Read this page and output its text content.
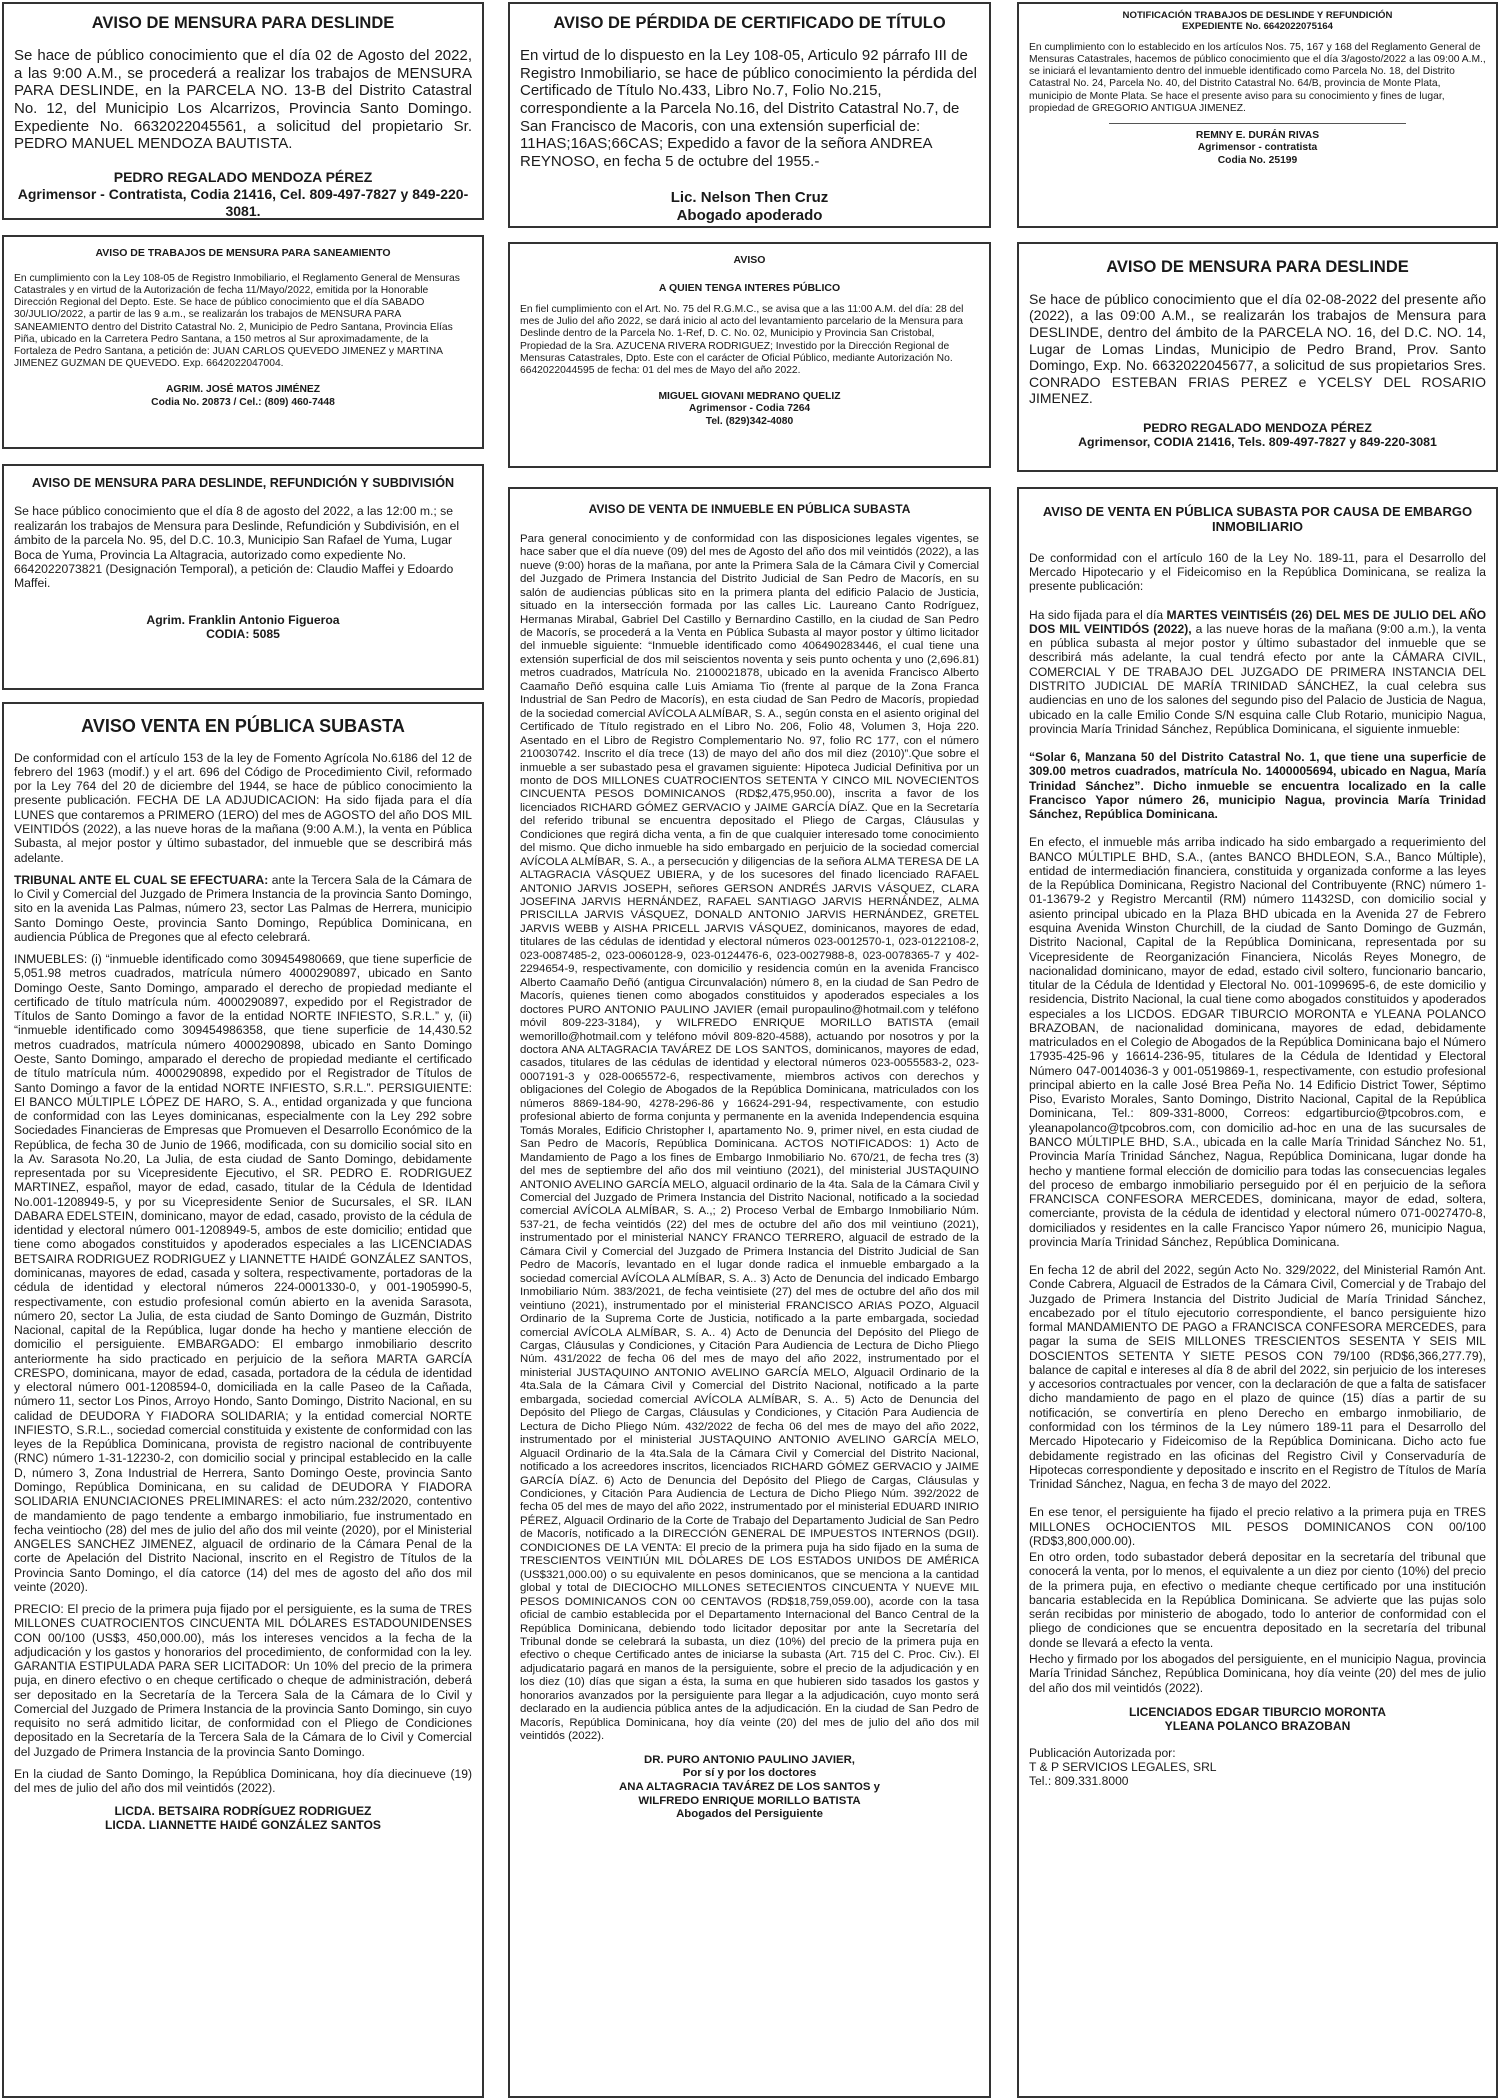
AVISO DE MENSURA PARA DESLINDE

Se hace de público conocimiento que el día 02 de Agosto del 2022, a las 9:00 A.M., se procederá a realizar los trabajos de MENSURA PARA DESLINDE, en la PARCELA NO. 13-B del Distrito Catastral No. 12, del Municipio Los Alcarrizos, Provincia Santo Domingo. Expediente No. 6632022045561, a solicitud del propietario Sr. PEDRO MANUEL MENDOZA BAUTISTA.

PEDRO REGALADO MENDOZA PÉREZ
Agrimensor - Contratista, Codia 21416, Cel. 809-497-7827 y 849-220-3081.
AVISO DE TRABAJOS DE MENSURA PARA SANEAMIENTO

En cumplimiento con la Ley 108-05 de Registro Inmobiliario, el Reglamento General de Mensuras Catastrales y en virtud de la Autorización de fecha 11/Mayo/2022, emitida por la Honorable Dirección Regional del Depto. Este. Se hace de público conocimiento que el día SABADO 30/JULIO/2022, a partir de las 9 a.m., se realizarán los trabajos de MENSURA PARA SANEAMIENTO dentro del Distrito Catastral No. 2, Municipio de Pedro Santana, Provincia Elías Piña, ubicado en la Carretera Pedro Santana, a 150 metros al Sur aproximadamente, de la Fortaleza de Pedro Santana, a petición de: JUAN CARLOS QUEVEDO JIMENEZ y MARTINA JIMENEZ GUZMAN DE QUEVEDO. Exp. 6642022047004.

AGRIM. JOSÉ MATOS JIMÉNEZ
Codia No. 20873 / Cel.: (809) 460-7448
AVISO DE MENSURA PARA DESLINDE, REFUNDICIÓN Y SUBDIVISIÓN

Se hace público conocimiento que el día 8 de agosto del 2022, a las 12:00 m.; se realizarán los trabajos de Mensura para Deslinde, Refundición y Subdivisión, en el ámbito de la parcela No. 95, del D.C. 10.3, Municipio San Rafael de Yuma, Lugar Boca de Yuma, Provincia La Altagracia, autorizado como expediente No. 6642022073821 (Designación Temporal), a petición de: Claudio Maffei y Edoardo Maffei.

Agrim. Franklin Antonio Figueroa
CODIA: 5085
AVISO VENTA EN PÚBLICA SUBASTA

De conformidad con el artículo 153 de la ley de Fomento Agrícola No.6186 del 12 de febrero del 1963 (modif.) y el art. 696 del Código de Procedimiento Civil, reformado por la Ley 764 del 20 de diciembre del 1944, se hace de público conocimiento la presente publicación. FECHA DE LA ADJUDICACION: Ha sido fijada para el día LUNES que contaremos a PRIMERO (1ERO) del mes de AGOSTO del año DOS MIL VEINTIDÓS (2022), a las nueve horas de la mañana (9:00 A.M.), la venta en Pública Subasta, al mejor postor y último subastador, del inmueble que se describirá más adelante.

TRIBUNAL ANTE EL CUAL SE EFECTUARA: ante la Tercera Sala de la Cámara de lo Civil y Comercial del Juzgado de Primera Instancia de la provincia Santo Domingo, sito en la avenida Las Palmas, número 23, sector Las Palmas de Herrera, municipio Santo Domingo Oeste, provincia Santo Domingo, República Dominicana, en audiencia Pública de Pregones que al efecto celebrará.

INMUEBLES: (i) “inmueble identificado como 309454980669, que tiene superficie de 5,051.98 metros cuadrados, matrícula número 4000290897, ubicado en Santo Domingo Oeste, Santo Domingo, amparado el derecho de propiedad mediante el certificado de título matrícula núm. 4000290897, expedido por el Registrador de Títulos de Santo Domingo a favor de la entidad NORTE INFIESTO, S.R.L.” y, (ii) “inmueble identificado como 309454986358, que tiene superficie de 14,430.52 metros cuadrados, matrícula número 4000290898, ubicado en Santo Domingo Oeste, Santo Domingo, amparado el derecho de propiedad mediante el certificado de título matrícula núm. 4000290898, expedido por el Registrador de Títulos de Santo Domingo a favor de la entidad NORTE INFIESTO, S.R.L.”. PERSIGUIENTE: El BANCO MÚLTIPLE LÓPEZ DE HARO, S. A., entidad organizada y que funciona de conformidad con las Leyes dominicanas, especialmente con la Ley 292 sobre Sociedades Financieras de Empresas que Promueven el Desarrollo Económico de la República, de fecha 30 de Junio de 1966, modificada, con su domicilio social sito en la Av. Sarasota No.20, La Julia, de esta ciudad de Santo Domingo, debidamente representada por su Vicepresidente Ejecutivo, el SR. PEDRO E. RODRIGUEZ MARTINEZ, español, mayor de edad, casado, titular de la Cédula de Identidad No.001-1208949-5, y por su Vicepresidente Senior de Sucursales, el SR. ILAN DABARA EDELSTEIN, dominicano, mayor de edad, casado, provisto de la cédula de identidad y electoral número 001-1208949-5, ambos de este domicilio; entidad que tiene como abogados constituidos y apoderados especiales a las LICENCIADAS BETSAIRA RODRIGUEZ RODRIGUEZ y LIANNETTE HAIDÉ GONZÁLEZ SANTOS, dominicanas, mayores de edad, casada y soltera, respectivamente, portadoras de la cédula de identidad y electoral números 224-0001330-0, y 001-1905990-5, respectivamente, con estudio profesional común abierto en la avenida Sarasota, número 20, sector La Julia, de esta ciudad de Santo Domingo de Guzmán, Distrito Nacional, capital de la República, lugar donde ha hecho y mantiene elección de domicilio el persiguiente. EMBARGADO: El embargo inmobiliario descrito anteriormente ha sido practicado en perjuicio de la señora MARTA GARCÍA CRESPO, dominicana, mayor de edad, casada, portadora de la cédula de identidad y electoral número 001-1208594-0, domiciliada en la calle Paseo de la Cañada, número 11, sector Los Pinos, Arroyo Hondo, Santo Domingo, Distrito Nacional, en su calidad de DEUDORA Y FIADORA SOLIDARIA; y la entidad comercial NORTE INFIESTO, S.R.L., sociedad comercial constituida y existente de conformidad con las leyes de la República Dominicana, provista de registro nacional de contribuyente (RNC) número 1-31-12230-2, con domicilio social y principal establecido en la calle D, número 3, Zona Industrial de Herrera, Santo Domingo Oeste, provincia Santo Domingo, República Dominicana, en su calidad de DEUDORA Y FIADORA SOLIDARIA ENUNCIACIONES PRELIMINARES: el acto núm.232/2020, contentivo de mandamiento de pago tendente a embargo inmobiliario, fue instrumentado en fecha veintiocho (28) del mes de julio del año dos mil veinte (2020), por el Ministerial ANGELES SANCHEZ JIMENEZ, alguacil de ordinario de la Cámara Penal de la corte de Apelación del Distrito Nacional, inscrito en el Registro de Títulos de la Provincia Santo Domingo, el día catorce (14) del mes de agosto del año dos mil veinte (2020).

PRECIO: El precio de la primera puja fijado por el persiguiente, es la suma de TRES MILLONES CUATROCIENTOS CINCUENTA MIL DÓLARES ESTADOUNIDENSES CON 00/100 (US$3, 450,000.00), más los intereses vencidos a la fecha de la adjudicación y los gastos y honorarios del procedimiento, de conformidad con la ley. GARANTIA ESTIPULADA PARA SER LICITADOR: Un 10% del precio de la primera puja, en dinero efectivo o en cheque certificado o cheque de administración, deberá ser depositado en la Secretaría de la Tercera Sala de la Cámara de lo Civil y Comercial del Juzgado de Primera Instancia de la provincia Santo Domingo, sin cuyo requisito no será admitido licitar, de conformidad con el Pliego de Condiciones depositado en la Secretaría de la Tercera Sala de la Cámara de lo Civil y Comercial del Juzgado de Primera Instancia de la provincia Santo Domingo.

En la ciudad de Santo Domingo, la República Dominicana, hoy día diecinueve (19) del mes de julio del año dos mil veintidós (2022).

LICDA. BETSAIRA RODRÍGUEZ RODRIGUEZ
LICDA. LIANNETTE HAIDÉ GONZÁLEZ SANTOS
AVISO DE PÉRDIDA DE CERTIFICADO DE TÍTULO

En virtud de lo dispuesto en la Ley 108-05, Articulo 92 párrafo III de Registro Inmobiliario, se hace de público conocimiento la pérdida del Certificado de Título No.433, Libro No.7, Folio No.215, correspondiente a la Parcela No.16, del Distrito Catastral No.7, de San Francisco de Macoris, con una extensión superficial de: 11HAS;16AS;66CAS; Expedido a favor de la señora ANDREA REYNOSO, en fecha 5 de octubre del 1955.-

Lic. Nelson Then Cruz
Abogado apoderado
AVISO
A QUIEN TENGA INTERES PÚBLICO

En fiel cumplimiento con el Art. No. 75 del R.G.M.C., se avisa que a las 11:00 A.M. del día: 28 del mes de Julio del año 2022, se dará inicio al acto del levantamiento parcelario de la Mensura para Deslinde dentro de la Parcela No. 1-Ref, D. C. No. 02, Municipio y Provincia San Cristobal, Propiedad de la Sra. AZUCENA RIVERA RODRIGUEZ; Investido por la Dirección Regional de Mensuras Catastrales, Dpto. Este con el carácter de Oficial Público, mediante Autorización No. 6642022044595 de fecha: 01 del mes de Mayo del año 2022.

MIGUEL GIOVANI MEDRANO QUELIZ
Agrimensor - Codia 7264
Tel. (829)342-4080
AVISO DE VENTA DE INMUEBLE EN PÚBLICA SUBASTA

Para general conocimiento y de conformidad con las disposiciones legales vigentes, se hace saber que el día nueve (09) del mes de Agosto del año dos mil veintidós (2022), a las nueve (9:00) horas de la mañana, por ante la Primera Sala de la Cámara Civil y Comercial del Juzgado de Primera Instancia del Distrito Judicial de San Pedro de Macorís, en su salón de audiencias públicas sito en la primera planta del edificio Palacio de Justicia, situado en la intersección formada por las calles Lic. Laureano Canto Rodríguez, Hermanas Mirabal, Gabriel Del Castillo y Bernardino Castillo, en la ciudad de San Pedro de Macorís, se procederá a la Venta en Pública Subasta al mayor postor y último licitador del inmueble siguiente: “Inmueble identificado como 406490283446, el cual tiene una extensión superficial de dos mil seiscientos noventa y seis punto ochenta y uno (2,696.81) metros cuadrados, Matrícula No. 2100021878, ubicado en la avenida Francisco Alberto Caamaño Deñó esquina calle Luis Amiama Tio (frente al parque de la Zona Franca Industrial de San Pedro de Macorís), en esta ciudad de San Pedro de Macorís, propiedad de la sociedad comercial AVÍCOLA ALMÍBAR, S. A., según consta en el asiento original del Certificado de Título registrado en el Libro No. 206, Folio 48, Volumen 3, Hoja 220. Asentado en el Libro de Registro Complementario No. 97, folio RC 177, con el número 210030742. Inscrito el día trece (13) de mayo del año dos mil diez (2010)”.Que sobre el inmueble a ser subastado pesa el gravamen siguiente: Hipoteca Judicial Definitiva por un monto de DOS MILLONES CUATROCIENTOS SETENTA Y CINCO MIL NOVECIENTOS CINCUENTA PESOS DOMINICANOS (RD$2,475,950.00), inscrita a favor de los licenciados RICHARD GÓMEZ GERVACIO y JAIME GARCÍA DÍAZ. Que en la Secretaría del referido tribunal se encuentra depositado el Pliego de Cargas, Cláusulas y Condiciones que regirá dicha venta, a fin de que cualquier interesado tome conocimiento del mismo. Que dicho inmueble ha sido embargado en perjuicio de la sociedad comercial AVÍCOLA ALMÍBAR, S. A., a persecución y diligencias de la señora ALMA TERESA DE LA ALTAGRACIA VÁSQUEZ UBIERA, y de los sucesores del finado licenciado RAFAEL ANTONIO JARVIS JOSEPH, señores GERSON ANDRÉS JARVIS VÁSQUEZ, CLARA JOSEFINA JARVIS HERNÁNDEZ, RAFAEL SANTIAGO JARVIS HERNÁNDEZ, ALMA PRISCILLA JARVIS VÁSQUEZ, DONALD ANTONIO JARVIS HERNÁNDEZ, GRETEL JARVIS WEBB y AISHA PRICELL JARVIS VÁSQUEZ, dominicanos, mayores de edad, titulares de las cédulas de identidad y electoral números 023-0012570-1, 023-0122108-2, 023-0087485-2, 023-0060128-9, 023-0124476-6, 023-0027988-8, 023-0078365-7 y 402-2294654-9, respectivamente, con domicilio y residencia común en la avenida Francisco Alberto Caamaño Deñó (antigua Circunvalación) número 8, en la ciudad de San Pedro de Macorís, quienes tienen como abogados constituidos y apoderados especiales a los doctores PURO ANTONIO PAULINO JAVIER (email puropaulino@hotmail.com y teléfono móvil 809-223-3184), y WILFREDO ENRIQUE MORILLO BATISTA (email wemorillo@hotmail.com y teléfono móvil 809-820-4588), actuando por nosotros y por la doctora ANA ALTAGRACIA TAVÁREZ DE LOS SANTOS, dominicanos, mayores de edad, casados, titulares de las cédulas de identidad y electoral números 023-0055583-2, 023-0007191-3 y 028-0065572-6, respectivamente, miembros activos con derechos y obligaciones del Colegio de Abogados de la República Dominicana, matriculados con los números 8869-184-90, 4278-296-86 y 16624-291-94, respectivamente, con estudio profesional abierto de forma conjunta y permanente en la avenida Independencia esquina Tomás Morales, Edificio Christopher I, apartamento No. 9, primer nivel, en esta ciudad de San Pedro de Macorís, República Dominicana. ACTOS NOTIFICADOS: 1) Acto de Mandamiento de Pago a los fines de Embargo Inmobiliario No. 670/21, de fecha tres (3) del mes de septiembre del año dos mil veintiuno (2021), del ministerial JUSTAQUINO ANTONIO AVELINO GARCÍA MELO, alguacil ordinario de la 4ta. Sala de la Cámara Civil y Comercial del Juzgado de Primera Instancia del Distrito Nacional, notificado a la sociedad comercial AVÍCOLA ALMÍBAR, S. A.,; 2) Proceso Verbal de Embargo Inmobiliario Núm. 537-21, de fecha veintidós (22) del mes de octubre del año dos mil veintiuno (2021), instrumentado por el ministerial NANCY FRANCO TERRERO, alguacil de estrado de la Cámara Civil y Comercial del Juzgado de Primera Instancia del Distrito Judicial de San Pedro de Macorís, levantado en el lugar donde radica el inmueble embargado a la sociedad comercial AVÍCOLA ALMÍBAR, S. A.. 3) Acto de Denuncia del indicado Embargo Inmobiliario Núm. 383/2021, de fecha veintisiete (27) del mes de octubre del año dos mil veintiuno (2021), instrumentado por el ministerial FRANCISCO ARIAS POZO, Alguacil Ordinario de la Suprema Corte de Justicia, notificado a la parte embargada, sociedad comercial AVÍCOLA ALMÍBAR, S. A.. 4) Acto de Denuncia del Depósito del Pliego de Cargas, Cláusulas y Condiciones, y Citación Para Audiencia de Lectura de Dicho Pliego Núm. 431/2022 de fecha 06 del mes de mayo del año 2022, instrumentado por el ministerial JUSTAQUINO ANTONIO AVELINO GARCÍA MELO, Alguacil Ordinario de la 4ta.Sala de la Cámara Civil y Comercial del Distrito Nacional, notificado a la parte embargada, sociedad comercial AVÍCOLA ALMÍBAR, S. A.. 5) Acto de Denuncia del Depósito del Pliego de Cargas, Cláusulas y Condiciones, y Citación Para Audiencia de Lectura de Dicho Pliego Núm. 432/2022 de fecha 06 del mes de mayo del año 2022, instrumentado por el ministerial JUSTAQUINO ANTONIO AVELINO GARCÍA MELO, Alguacil Ordinario de la 4ta.Sala de la Cámara Civil y Comercial del Distrito Nacional, notificado a los acreedores inscritos, licenciados RICHARD GÓMEZ GERVACIO y JAIME GARCÍA DÍAZ. 6) Acto de Denuncia del Depósito del Pliego de Cargas, Cláusulas y Condiciones, y Citación Para Audiencia de Lectura de Dicho Pliego Núm. 392/2022 de fecha 05 del mes de mayo del año 2022, instrumentado por el ministerial EDUARD INIRIO PÉREZ, Alguacil Ordinario de la Corte de Trabajo del Departamento Judicial de San Pedro de Macorís, notificado a la DIRECCIÓN GENERAL DE IMPUESTOS INTERNOS (DGII). CONDICIONES DE LA VENTA: El precio de la primera puja ha sido fijado en la suma de TRESCIENTOS VEINTIÚN MIL DÓLARES DE LOS ESTADOS UNIDOS DE AMÉRICA (US$321,000.00) o su equivalente en pesos dominicanos, que se menciona a la cantidad global y total de DIECIOCHO MILLONES SETECIENTOS CINCUENTA Y NUEVE MIL PESOS DOMINICANOS CON 00 CENTAVOS (RD$18,759,059.00), acorde con la tasa oficial de cambio establecida por el Departamento Internacional del Banco Central de la República Dominicana, debiendo todo licitador depositar por ante la Secretaría del Tribunal donde se celebrará la subasta, un diez (10%) del precio de la primera puja en efectivo o cheque Certificado antes de iniciarse la subasta (Art. 715 del C. Proc. Civ.). El adjudicatario pagará en manos de la persiguiente, sobre el precio de la adjudicación y en los diez (10) días que sigan a ésta, la suma en que hubieren sido tasados los gastos y honorarios avanzados por la persiguiente para llegar a la adjudicación, cuyo monto será declarado en la audiencia pública antes de la adjudicación. En la ciudad de San Pedro de Macorís, República Dominicana, hoy día veinte (20) del mes de julio del año dos mil veintidós (2022).

DR. PURO ANTONIO PAULINO JAVIER,
Por sí y por los doctores
ANA ALTAGRACIA TAVÁREZ DE LOS SANTOS y
WILFREDO ENRIQUE MORILLO BATISTA
Abogados del Persiguiente
NOTIFICACIÓN TRABAJOS DE DESLINDE Y REFUNDICIÓN
EXPEDIENTE No. 6642022075164

En cumplimiento con lo establecido en los artículos Nos. 75, 167 y 168 del Reglamento General de Mensuras Catastrales, hacemos de público conocimiento que el día 3/agosto/2022 a las 09:00 A.M., se iniciará el levantamiento dentro del inmueble identificado como Parcela No. 18, del Distrito Catastral No. 24, Parcela No. 40, del Distrito Catastral No. 64/B, provincia de Monte Plata, municipio de Monte Plata. Se hace el presente aviso para su conocimiento y fines de lugar, propiedad de GREGORIO ANTIGUA JIMENEZ.

REMNY E. DURÁN RIVAS
Agrimensor - contratista
Codia No. 25199
AVISO DE MENSURA PARA DESLINDE

Se hace de público conocimiento que el día 02-08-2022 del presente año (2022), a las 09:00 A.M., se realizarán los trabajos de Mensura para DESLINDE, dentro del ámbito de la PARCELA NO. 16, del D.C. NO. 14, Lugar de Lomas Lindas, Municipio de Pedro Brand, Prov. Santo Domingo, Exp. No. 6632022045677, a solicitud de sus propietarios Sres. CONRADO ESTEBAN FRIAS PEREZ e YCELSY DEL ROSARIO JIMENEZ.

PEDRO REGALADO MENDOZA PÉREZ
Agrimensor, CODIA 21416, Tels. 809-497-7827 y 849-220-3081
AVISO DE VENTA EN PÚBLICA SUBASTA POR CAUSA DE EMBARGO INMOBILIARIO

De conformidad con el artículo 160 de la Ley No. 189-11, para el Desarrollo del Mercado Hipotecario y el Fideicomiso en la República Dominicana, se realiza la presente publicación:

Ha sido fijada para el día MARTES VEINTISÉIS (26) DEL MES DE JULIO DEL AÑO DOS MIL VEINTIDÓS (2022), a las nueve horas de la mañana (9:00 a.m.), la venta en pública subasta al mejor postor y último subastador del inmueble que se describirá más adelante, la cual tendrá efecto por ante la CÁMARA CIVIL, COMERCIAL Y DE TRABAJO DEL JUZGADO DE PRIMERA INSTANCIA DEL DISTRITO JUDICIAL DE MARÍA TRINIDAD SÁNCHEZ, la cual celebra sus audiencias en uno de los salones del segundo piso del Palacio de Justicia de Nagua, ubicado en la calle Emilio Conde S/N esquina calle Club Rotario, municipio Nagua, provincia María Trinidad Sánchez, República Dominicana, el siguiente inmueble:

“Solar 6, Manzana 50 del Distrito Catastral No. 1, que tiene una superficie de 309.00 metros cuadrados, matrícula No. 1400005694, ubicado en Nagua, María Trinidad Sánchez”. Dicho inmueble se encuentra localizado en la calle Francisco Yapor número 26, municipio Nagua, provincia María Trinidad Sánchez, República Dominicana.

En efecto, el inmueble más arriba indicado ha sido embargado a requerimiento del BANCO MÚLTIPLE BHD, S.A., (antes BANCO BHDLEON, S.A., Banco Múltiple), entidad de intermediación financiera, constituida y organizada conforme a las leyes de la República Dominicana, Registro Nacional del Contribuyente (RNC) número 1-01-13679-2 y Registro Mercantil (RM) número 11432SD, con domicilio social y asiento principal ubicado en la Plaza BHD ubicada en la Avenida 27 de Febrero esquina Avenida Winston Churchill, de la ciudad de Santo Domingo de Guzmán, Distrito Nacional, Capital de la República Dominicana, representada por su Vicepresidente de Reorganización Financiera, Nicolás Reyes Monegro, de nacionalidad dominicano, mayor de edad, estado civil soltero, funcionario bancario, titular de la Cédula de Identidad y Electoral No. 001-1099695-6, de este domicilio y residencia, Distrito Nacional, la cual tiene como abogados constituidos y apoderados especiales a los LICDOS. EDGAR TIBURCIO MORONTA e YLEANA POLANCO BRAZOBAN, de nacionalidad dominicana, mayores de edad, debidamente matriculados en el Colegio de Abogados de la República Dominicana bajo el Número 17935-425-96 y 16614-236-95, titulares de la Cédula de Identidad y Electoral Número 047-0014036-3 y 001-0519869-1, respectivamente, con estudio profesional principal abierto en la calle José Brea Peña No. 14 Edificio District Tower, Séptimo Piso, Evaristo Morales, Santo Domingo, Distrito Nacional, Capital de la República Dominicana, Tel.: 809-331-8000, Correos: edgartiburcio@tpcobros.com, e yleanapolanco@tpcobros.com, con domicilio ad-hoc en una de las sucursales de BANCO MÚLTIPLE BHD, S.A., ubicada en la calle María Trinidad Sánchez No. 51, Provincia María Trinidad Sánchez, Nagua, República Dominicana, lugar donde ha hecho y mantiene formal elección de domicilio para todas las consecuencias legales del proceso de embargo inmobiliario perseguido por él en perjuicio de la señora FRANCISCA CONFESORA MERCEDES, dominicana, mayor de edad, soltera, comerciante, provista de la cédula de identidad y electoral número 071-0027470-8, domiciliados y residentes en la calle Francisco Yapor número 26, municipio Nagua, provincia María Trinidad Sánchez, República Dominicana.

En fecha 12 de abril del 2022, según Acto No. 329/2022, del Ministerial Ramón Ant. Conde Cabrera, Alguacil de Estrados de la Cámara Civil, Comercial y de Trabajo del Juzgado de Primera Instancia del Distrito Judicial de María Trinidad Sánchez, encabezado por el título ejecutorio correspondiente, el banco persiguiente hizo formal MANDAMIENTO DE PAGO a FRANCISCA CONFESORA MERCEDES, para pagar la suma de SEIS MILLONES TRESCIENTOS SESENTA Y SEIS MIL DOSCIENTOS SETENTA Y SIETE PESOS CON 79/100 (RD$6,366,277.79), balance de capital e intereses al día 8 de abril del 2022, sin perjuicio de los intereses y accesorios contractuales por vencer, con la declaración de que a falta de satisfacer dicho mandamiento de pago en el plazo de quince (15) días a partir de su notificación, se convertiría en pleno Derecho en embargo inmobiliario, de conformidad con los términos de la Ley número 189-11 para el Desarrollo del Mercado Hipotecario y Fideicomiso de la República Dominicana. Dicho acto fue debidamente registrado en las oficinas del Registro Civil y Conservaduría de Hipotecas correspondiente y depositado e inscrito en el Registro de Títulos de María Trinidad Sánchez, Nagua, en fecha 3 de mayo del 2022.

En ese tenor, el persiguiente ha fijado el precio relativo a la primera puja en TRES MILLONES OCHOCIENTOS MIL PESOS DOMINICANOS CON 00/100 (RD$3,800,000.00).

En otro orden, todo subastador deberá depositar en la secretaría del tribunal que conocerá la venta, por lo menos, el equivalente a un diez por ciento (10%) del precio de la primera puja, en efectivo o mediante cheque certificado por una institución bancaria establecida en la República Dominicana. Se advierte que las pujas solo serán recibidas por ministerio de abogado, todo lo anterior de conformidad con el pliego de condiciones que se encuentra depositado en la secretaría del tribunal donde se llevará a efecto la venta.

Hecho y firmado por los abogados del persiguiente, en el municipio Nagua, provincia María Trinidad Sánchez, República Dominicana, hoy día veinte (20) del mes de julio del año dos mil veintidós (2022).

LICENCIADOS EDGAR TIBURCIO MORONTA
YLEANA POLANCO BRAZOBAN
Publicación Autorizada por:
T & P SERVICIOS LEGALES, SRL
Tel.: 809.331.8000
